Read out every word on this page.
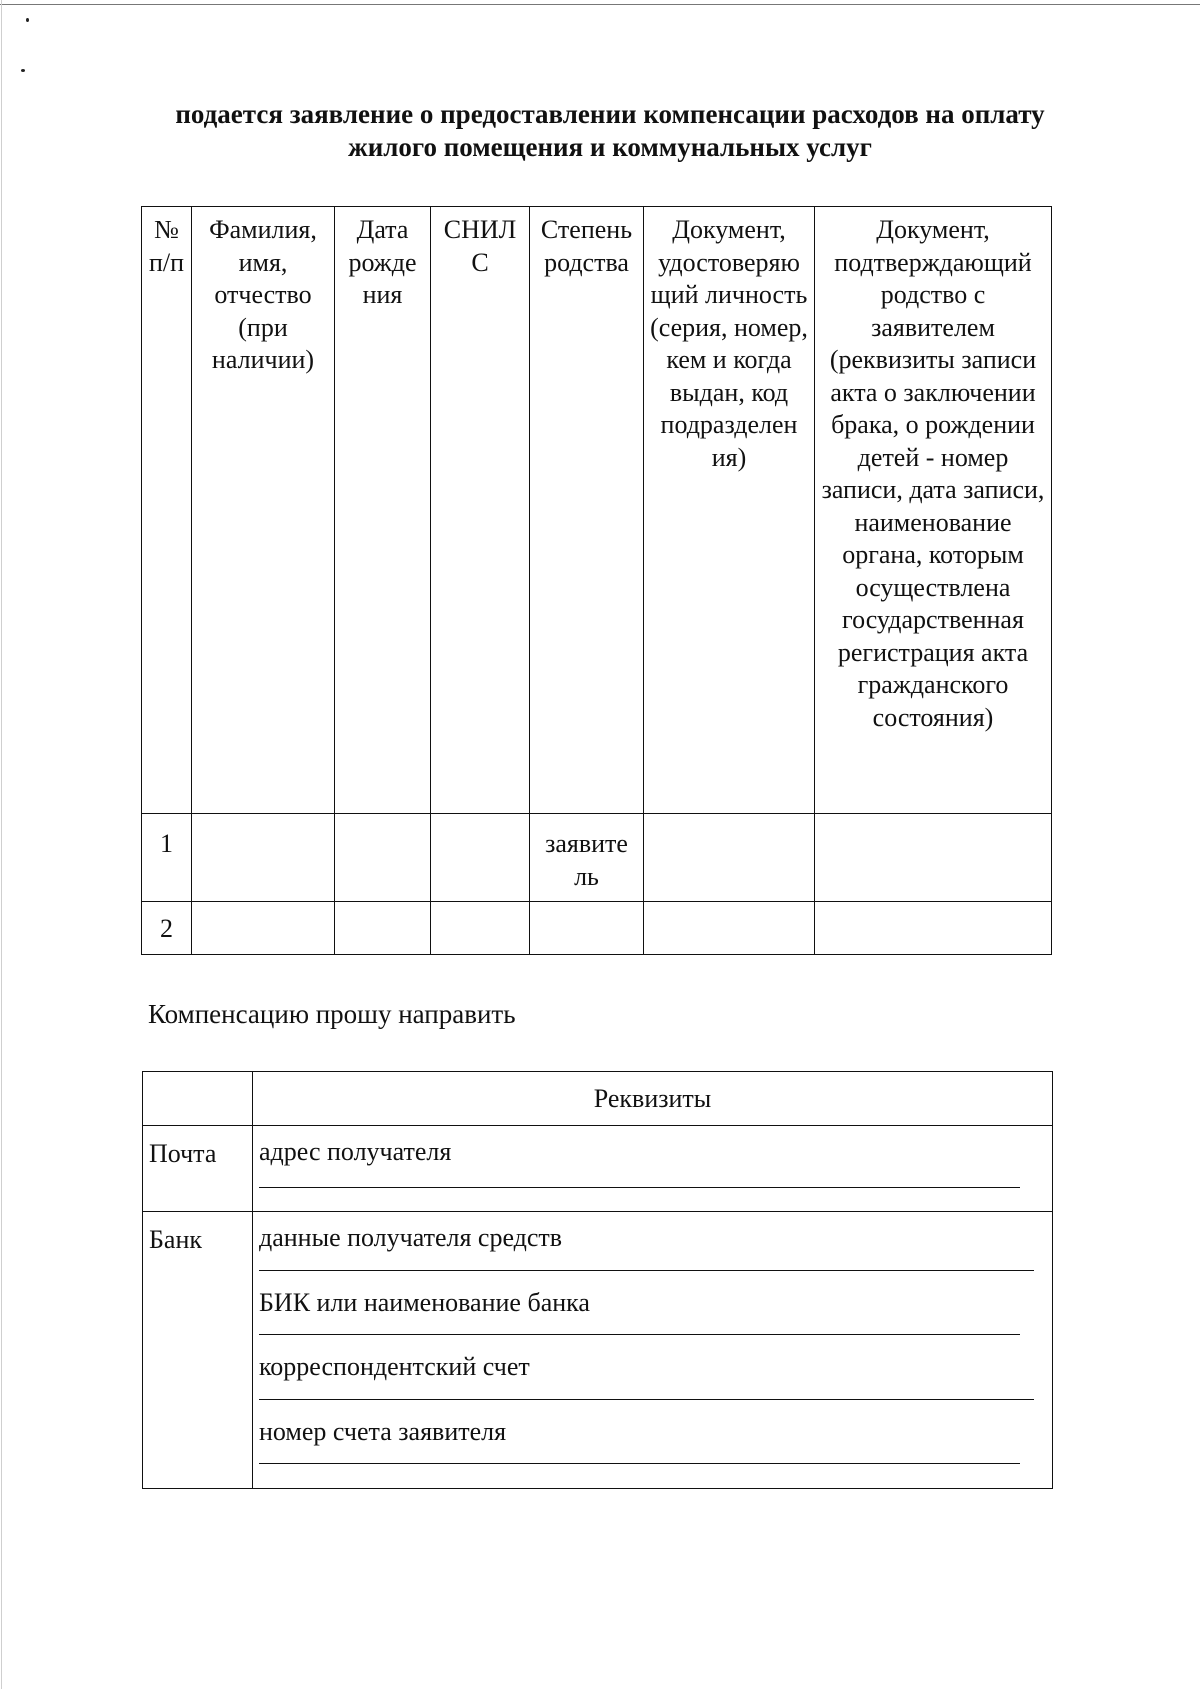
подается заявление о предоставлении компенсации расходов на оплату
жилого помещения и коммунальных услуг
№ п/п	Фамилия, имя, отчество (при наличии)	Дата рожде ния	СНИЛ С	Степень родства	Документ, удостоверяю щий личность (серия, номер, кем и когда выдан, код подразделен ия)	Документ, подтверждающий родство с заявителем (реквизиты записи акта о заключении брака, о рождении детей - номер записи, дата записи, наименование органа, которым осуществлена государственная регистрация акта гражданского состояния)
1				заявите ль		
2						

Компенсацию прошу направить

	Реквизиты
Почта	адрес получателя

Банк	данные получателя средств
БИК или наименование банка
корреспондентский счет
номер счета заявителя
